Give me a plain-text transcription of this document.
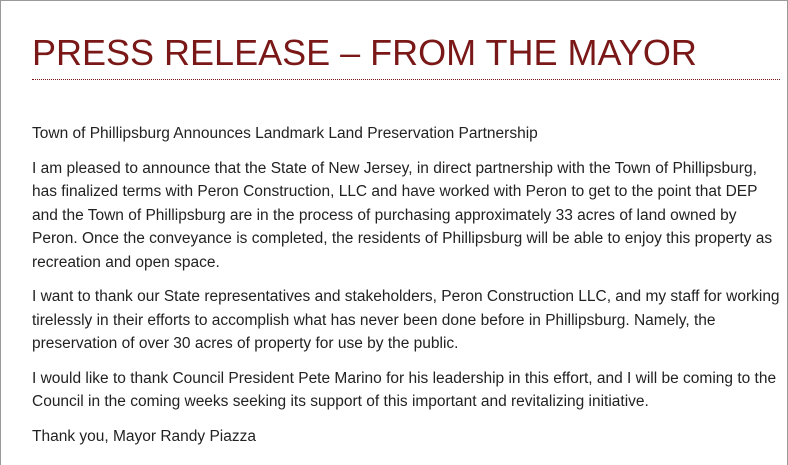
PRESS RELEASE – FROM THE MAYOR

Town of Phillipsburg Announces Landmark Land Preservation Partnership

I am pleased to announce that the State of New Jersey, in direct partnership with the Town of Phillipsburg, has finalized terms with Peron Construction, LLC and have worked with Peron to get to the point that DEP and the Town of Phillipsburg are in the process of purchasing approximately 33 acres of land owned by Peron. Once the conveyance is completed, the residents of Phillipsburg will be able to enjoy this property as recreation and open space.

I want to thank our State representatives and stakeholders, Peron Construction LLC, and my staff for working tirelessly in their efforts to accomplish what has never been done before in Phillipsburg. Namely, the preservation of over 30 acres of property for use by the public.

I would like to thank Council President Pete Marino for his leadership in this effort, and I will be coming to the Council in the coming weeks seeking its support of this important and revitalizing initiative.

Thank you, Mayor Randy Piazza
